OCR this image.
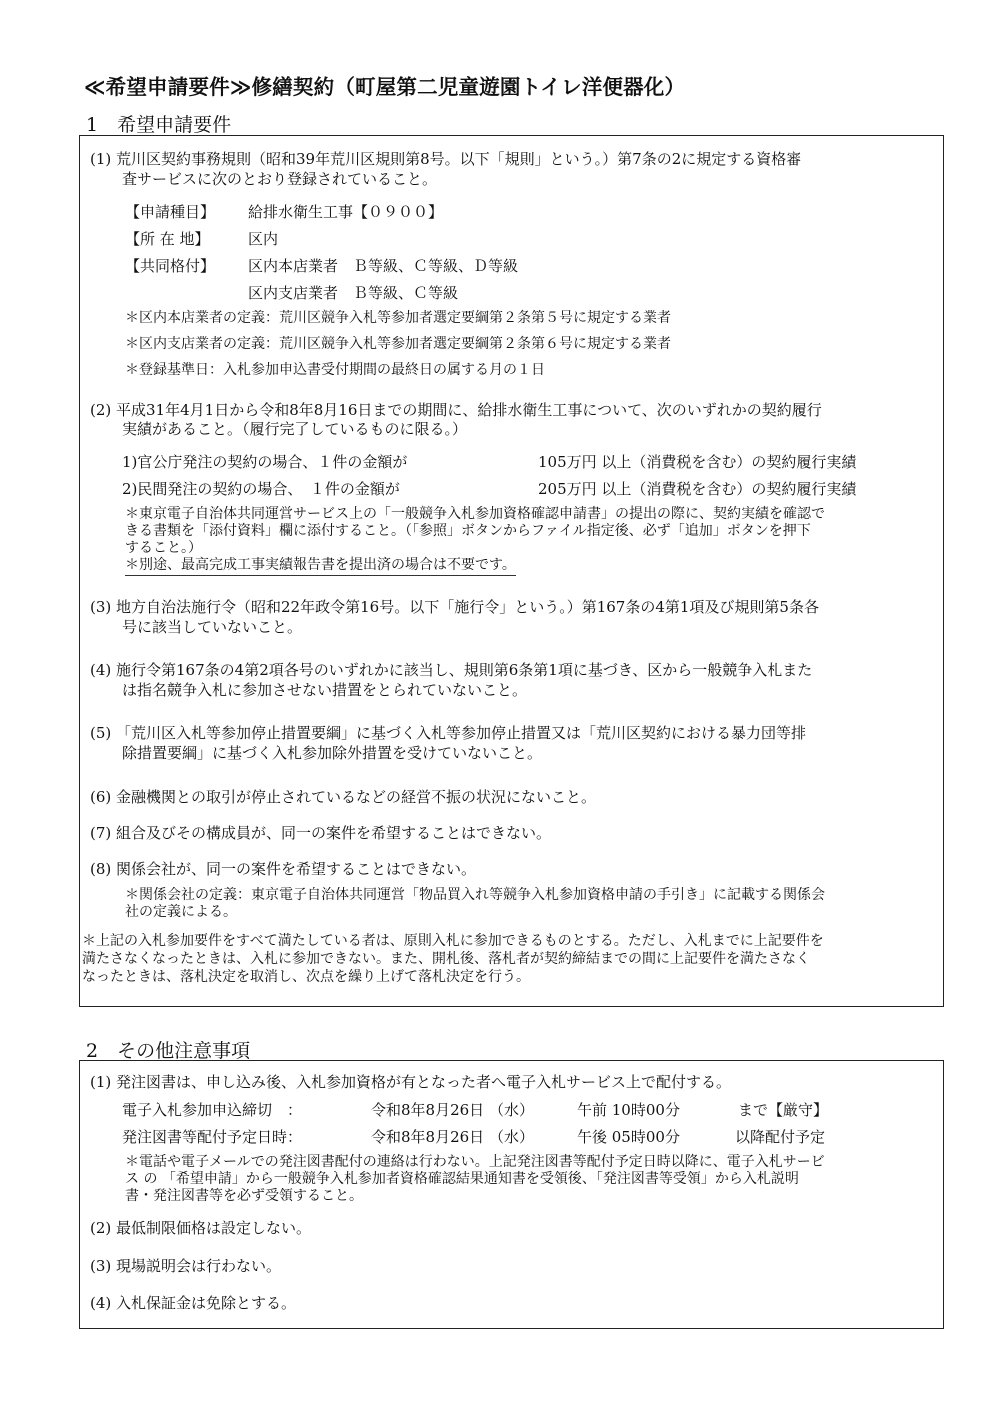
≪希望申請要件≫修繕契約（町屋第二児童遊園トイレ洋便器化）
1　希望申請要件
(1) 荒川区契約事務規則（昭和39年荒川区規則第8号。以下「規則」という。）第7条の2に規定する資格審
査サービスに次のとおり登録されていること。
【申請種目】 給排水衛生工事【０９００】
【所 在 地】	区内
【共同格付】 区内本店業者　Ｂ等級、Ｃ等級、Ｄ等級
区内支店業者　Ｂ等級、Ｃ等級
＊区内本店業者の定義：荒川区競争入札等参加者選定要綱第２条第５号に規定する業者
＊区内支店業者の定義：荒川区競争入札等参加者選定要綱第２条第６号に規定する業者
＊登録基準日：入札参加申込書受付期間の最終日の属する月の１日
(2) 平成31年4月1日から令和8年8月16日までの期間に、給排水衛生工事について、次のいずれかの契約履行
実績があること。（履行完了しているものに限る。）
1)官公庁発注の契約の場合、１件の金額が	105万円 以上（消費税を含む）の契約履行実績
2)民間発注の契約の場合、　１件の金額が	205万円 以上（消費税を含む）の契約履行実績
＊東京電子自治体共同運営サービス上の「一般競争入札参加資格確認申請書」の提出の際に、契約実績を確認で
きる書類を「添付資料」欄に添付すること。（「参照」ボタンからファイル指定後、必ず「追加」ボタンを押下
すること。）
＊別途、最高完成工事実績報告書を提出済の場合は不要です。
(3) 地方自治法施行令（昭和22年政令第16号。以下「施行令」という。）第167条の4第1項及び規則第5条各
号に該当していないこと。
(4) 施行令第167条の4第2項各号のいずれかに該当し、規則第6条第1項に基づき、区から一般競争入札また
は指名競争入札に参加させない措置をとられていないこと。
(5) 「荒川区入札等参加停止措置要綱」に基づく入札等参加停止措置又は「荒川区契約における暴力団等排
除措置要綱」に基づく入札参加除外措置を受けていないこと。
(6) 金融機関との取引が停止されているなどの経営不振の状況にないこと。
(7) 組合及びその構成員が、同一の案件を希望することはできない。
(8) 関係会社が、同一の案件を希望することはできない。
＊関係会社の定義：東京電子自治体共同運営「物品買入れ等競争入札参加資格申請の手引き」に記載する関係会
社の定義による。
＊上記の入札参加要件をすべて満たしている者は、原則入札に参加できるものとする。ただし、入札までに上記要件を
満たさなくなったときは、入札に参加できない。また、開札後、落札者が契約締結までの間に上記要件を満たさなく
なったときは、落札決定を取消し、次点を繰り上げて落札決定を行う。
2　その他注意事項
(1) 発注図書は、申し込み後、入札参加資格が有となった者へ電子入札サービス上で配付する。
電子入札参加申込締切　：	令和8年8月26日 （水）	午前 10時00分	まで【厳守】
発注図書等配付予定日時：	令和8年8月26日 （水）	午後 05時00分	以降配付予定
＊電話や電子メールでの発注図書配付の連絡は行わない。上記発注図書等配付予定日時以降に、電子入札サービ
ス の 「希望申請」から一般競争入札参加者資格確認結果通知書を受領後、「発注図書等受領」から入札説明
書・発注図書等を必ず受領すること。
(2) 最低制限価格は設定しない。
(3) 現場説明会は行わない。
(4) 入札保証金は免除とする。
